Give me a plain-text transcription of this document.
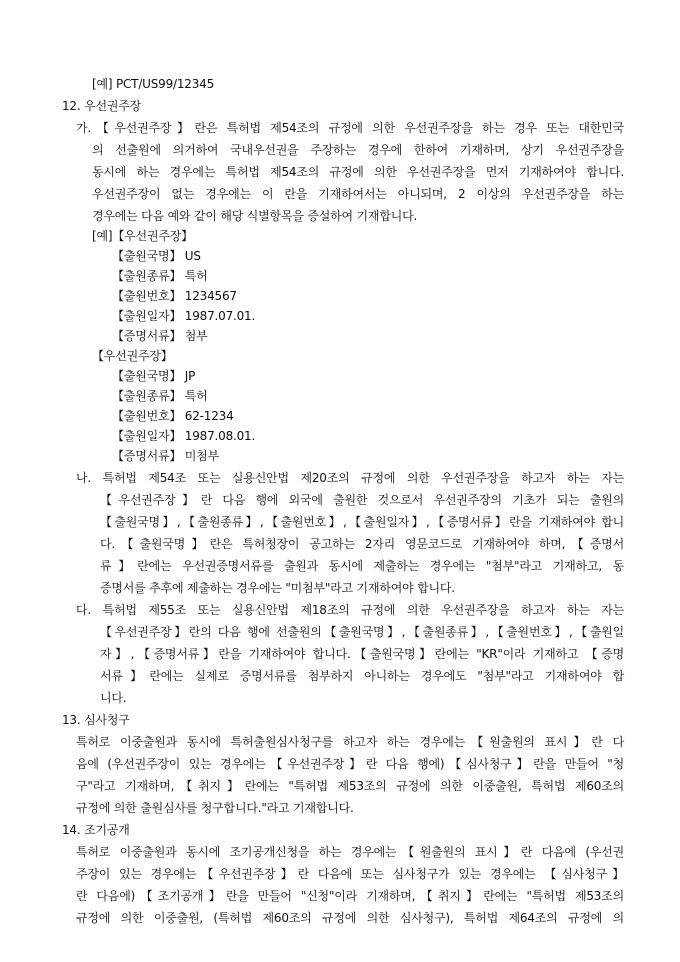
[예] PCT/US99/12345
12. 우선권주장
가.【우선권주장】란은 특허법 제54조의 규정에 의한 우선권주장을 하는 경우 또는 대한민국
의 선출원에 의거하여 국내우선권을 주장하는 경우에 한하여 기재하며, 상기 우선권주장을
동시에 하는 경우에는 특허법 제54조의 규정에 의한 우선권주장을 먼저 기재하여야 합니다.
우선권주장이 없는 경우에는 이 란을 기재하여서는 아니되며, 2 이상의 우선권주장을 하는
경우에는 다음 예와 같이 해당 식별항목을 증설하여 기재합니다.
[예]【우선권주장】
【출원국명】 US
【출원종류】 특허
【출원번호】 1234567
【출원일자】 1987.07.01.
【증명서류】 첨부
【우선권주장】
【출원국명】 JP
【출원종류】 특허
【출원번호】 62-1234
【출원일자】 1987.08.01.
【증명서류】 미첨부
나. 특허법 제54조 또는 실용신안법 제20조의 규정에 의한 우선권주장을 하고자 하는 자는
【우선권주장】란 다음 행에 외국에 출원한 것으로서 우선권주장의 기초가 되는 출원의
【출원국명】,【출원종류】,【출원번호】,【출원일자】,【증명서류】란을 기재하여야 합니
다.【출원국명】란은 특허청장이 공고하는 2자리 영문코드로 기재하여야 하며,【증명서
류】란에는 우선권증명서류를 출원과 동시에 제출하는 경우에는 "첨부"라고 기재하고, 동
증명서를 추후에 제출하는 경우에는 "미첨부"라고 기재하여야 합니다.
다. 특허법 제55조 또는 실용신안법 제18조의 규정에 의한 우선권주장을 하고자 하는 자는
【우선권주장】란의 다음 행에 선출원의【출원국명】,【출원종류】,【출원번호】,【출원일
자】,【증명서류】란을 기재하여야 합니다.【출원국명】란에는 "KR"이라 기재하고 【증명
서류】란에는 실제로 증명서류를 첨부하지 아니하는 경우에도 "첨부"라고 기재하여야 합
니다.
13. 심사청구
특허로 이중출원과 동시에 특허출원심사청구를 하고자 하는 경우에는【원출원의 표시】란 다
음에 (우선권주장이 있는 경우에는【우선권주장】란 다음 행에)【심사청구】란을 만들어 "청
구"라고 기재하며,【취지】란에는 "특허법 제53조의 규정에 의한 이중출원, 특허법 제60조의
규정에 의한 출원심사를 청구합니다."라고 기재합니다.
14. 조기공개
특허로 이중출원과 동시에 조기공개신청을 하는 경우에는【원출원의 표시】란 다음에 (우선권
주장이 있는 경우에는【우선권주장】란 다음에 또는 심사청구가 있는 경우에는 【심사청구】
란 다음에)【조기공개】란을 만들어 "신청"이라 기재하며,【취지】란에는 "특허법 제53조의
규정에 의한 이중출원, (특허법 제60조의 규정에 의한 심사청구), 특허법 제64조의 규정에 의
